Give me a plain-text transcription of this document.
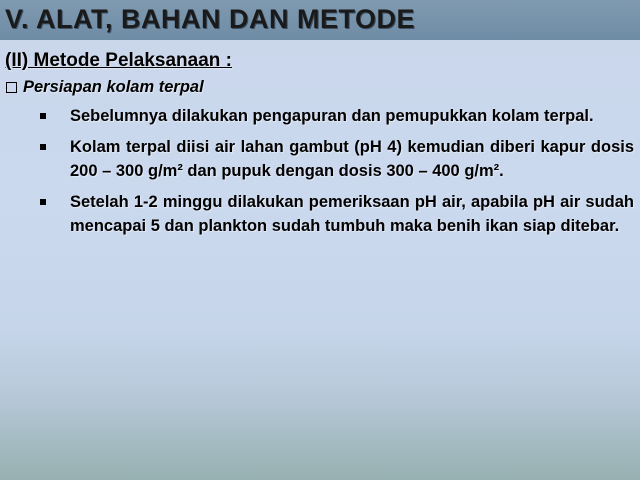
V. ALAT, BAHAN DAN METODE
(II) Metode Pelaksanaan :
Persiapan kolam terpal
Sebelumnya dilakukan pengapuran dan pemupukkan kolam terpal.
Kolam terpal diisi air lahan gambut (pH 4) kemudian diberi kapur dosis 200 – 300 g/m² dan pupuk dengan dosis 300 – 400 g/m².
Setelah 1-2 minggu dilakukan pemeriksaan pH air, apabila pH air sudah mencapai 5 dan plankton sudah tumbuh maka benih ikan siap ditebar.
